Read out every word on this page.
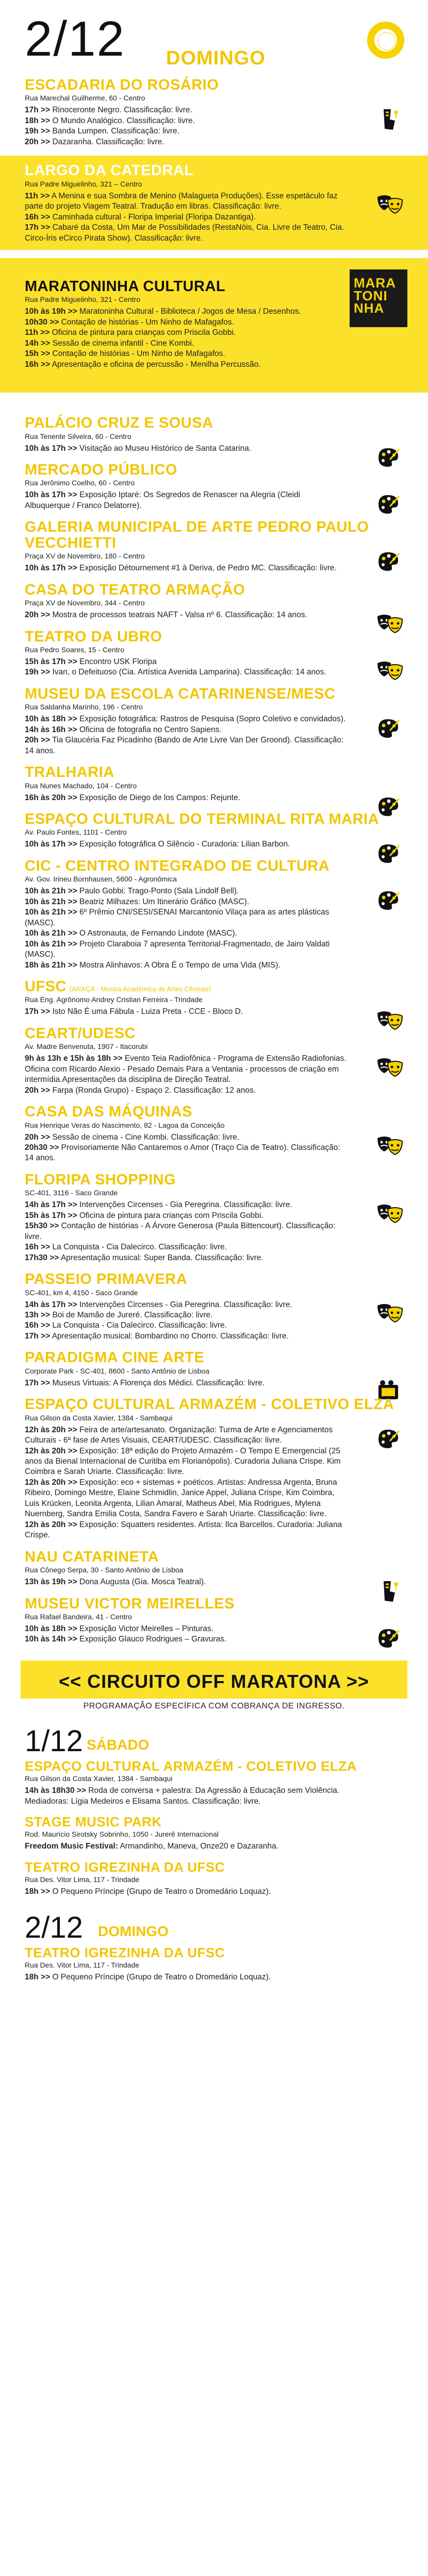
2/12 DOMINGO
ESCADARIA DO ROSÁRIO
Rua Marechal Guilherme, 60 - Centro
17h >> Rinoceronte Negro. Classificação: livre.
18h >> O Mundo Analógico. Classificação: livre.
19h >> Banda Lumpen. Classificação: livre.
20h >> Dazaranha. Classificação: livre.
LARGO DA CATEDRAL
Rua Padre Miguelinho, 321 – Centro
11h >> A Menina e sua Sombra de Menino (Malagueta Produções). Esse espetáculo faz parte do projeto Viagem Teatral. Tradução em libras. Classificação: livre.
16h >> Caminhada cultural - Floripa Imperial (Floripa Dazantiga).
17h >> Cabaré da Costa, Um Mar de Possibilidades (RestaNóis, Cia. Livre de Teatro, Cia. Circo-Íris eCirco Pirata Show). Classificação: livre.
MARATONINHA CULTURAL
Rua Padre Miguelinho, 321 - Centro
10h às 19h >> Maratoninha Cultural - Biblioteca / Jogos de Mesa / Desenhos.
10h30 >> Contação de histórias - Um Ninho de Mafagafos.
11h >> Oficina de pintura para crianças com Priscila Gobbi.
14h >> Sessão de cinema infantil - Cine Kombi.
15h >> Contação de histórias - Um Ninho de Mafagafos.
16h >> Apresentação e oficina de percussão - Menilha Percussão.
MARA
TONI
NHA
PALÁCIO CRUZ E SOUSA
Rua Tenente Silveira, 60 - Centro
10h às 17h >> Visitação ao Museu Histórico de Santa Catarina.
MERCADO PÚBLICO
Rua Jerônimo Coelho, 60 - Centro
10h às 17h >> Exposição Iptaré: Os Segredos de Renascer na Alegria (Cleidi Albuquerque / Franco Delatorre).
GALERIA MUNICIPAL DE ARTE PEDRO PAULO VECCHIETTI
Praça XV de Novembro, 180 - Centro
10h às 17h >> Exposição Détournement #1 à Deriva, de Pedro MC. Classificação: livre.
CASA DO TEATRO ARMAÇÃO
Praça XV de Novembro, 344 - Centro
20h >> Mostra de processos teatrais NAFT - Valsa nº 6. Classificação: 14 anos.
TEATRO DA UBRO
Rua Pedro Soares, 15 - Centro
15h às 17h >> Encontro USK Floripa
19h >> Ivan, o Defeituoso (Cia. Artística Avenida Lamparina). Classificação: 14 anos.
MUSEU DA ESCOLA CATARINENSE/MESC
Rua Saldanha Marinho, 196 - Centro
10h às 18h >> Exposição fotográfica: Rastros de Pesquisa (Sopro Coletivo e convidados).
14h às 16h >> Oficina de fotografia no Centro Sapiens.
20h >> Tia Glaucéria Faz Picadinho (Bando de Arte Livre Van Der Groond). Classificação: 14 anos.
TRALHARIA
Rua Nunes Machado, 104 - Centro
16h às 20h >> Exposição de Diego de los Campos: Rejunte.
ESPAÇO CULTURAL DO TERMINAL RITA MARIA
Av. Paulo Fontes, 1101 - Centro
10h às 17h >> Exposição fotográfica O Silêncio - Curadoria: Lilian Barbon.
CIC - CENTRO INTEGRADO DE CULTURA
Av. Gov. Irineu Bornhausen, 5600 - Agronômica
10h às 21h >> Paulo Gobbi: Trago-Ponto (Sala Lindolf Bell).
10h às 21h >> Beatriz Milhazes: Um Itinerário Gráfico (MASC).
10h às 21h >> 6º Prêmio CNI/SESI/SENAI Marcantonio Vilaça para as artes plásticas (MASC).
10h às 21h >> O Astronauta, de Fernando Lindote (MASC).
10h às 21h >> Projeto Claraboia 7 apresenta Territorial-Fragmentado, de Jairo Valdati (MASC).
18h às 21h >> Mostra Alinhavos: A Obra É o Tempo de uma Vida (MIS).
UFSC (ARAÇÁ - Mostra Acadêmica de Artes Cênicas)
Rua Eng. Agrônomo Andrey Cristian Ferreira - Trindade
17h >> Isto Não É uma Fábula - Luiza Preta - CCE - Bloco D.
CEART/UDESC
Av. Madre Benvenuta, 1907 - Itacorubi
9h às 13h e 15h às 18h >> Evento Teia Radiofônica - Programa de Extensão Radiofonias. Oficina com Ricardo Alexio - Pesado Demais Para a Ventania - processos de criação em intermídia.Apresentações da disciplina de Direção Teatral.
20h >> Farpa (Ronda Grupo) - Espaço 2. Classificação: 12 anos.
CASA DAS MÁQUINAS
Rua Henrique Veras do Nascimento, 82 - Lagoa da Conceição
20h >> Sessão de cinema - Cine Kombi. Classificação: livre.
20h30 >> Provisoriamente Não Cantaremos o Amor (Traço Cia de Teatro). Classificação: 14 anos.
FLORIPA SHOPPING
SC-401, 3116 - Saco Grande
14h às 17h >> Intervenções Circenses - Gia Peregrina. Classificação: livre.
15h às 17h >> Oficina de pintura para crianças com Priscila Gobbi.
15h30 >> Contação de histórias - A Árvore Generosa (Paula Bittencourt). Classificação: livre.
16h >> La Conquista - Cia Dalecirco. Classificação: livre.
17h30 >> Apresentação musical: Super Banda. Classificação: livre.
PASSEIO PRIMAVERA
SC-401, km 4, 4150 - Saco Grande
14h às 17h >> Intervenções Circenses - Gia Peregrina. Classificação: livre.
13h >> Boi de Mamão de Jureré. Classificação: livre.
16h >> La Conquista - Cia Dalecirco. Classificação: livre.
17h >> Apresentação musical: Bombardino no Chorro. Classificação: livre.
PARADIGMA CINE ARTE
Corporate Park - SC-401, 8600 - Santo Antônio de Lisboa
17h >> Museus Virtuais: A Florença dos Médici. Classificação: livre.
ESPAÇO CULTURAL ARMAZÉM - COLETIVO ELZA
Rua Gilson da Costa Xavier, 1384 - Sambaqui
12h às 20h >> Feira de arte/artesanato. Organização: Turma de Arte e Agenciamentos Culturais - 6ª fase de Artes Visuais, CEART/UDESC. Classificação: livre.
12h às 20h >> Exposição: 18ª edição do Projeto Armazém - O Tempo E Emergencial (25 anos da Bienal Internacional de Curitiba em Florianópolis). Curadoria Juliana Crispe. Kim Coimbra e Sarah Uriarte. Classificação: livre.
12h às 20h >> Exposição: eco + sistemas + poéticos. Artistas: Andressa Argenta, Bruna Ribeiro, Domingo Mestre, Elaine Schmidlin, Janice Appel, Juliana Crispe, Kim Coimbra, Luis Krücken, Leonita Argenta, Lilian Amaral, Matheus Abel, Mia Rodrigues, Mylena Nuernberg, Sandra Emilia Costa, Sandra Favero e Sarah Uriarte. Classificação: livre.
12h às 20h >> Exposição: Squatters residentes. Artista: Ilca Barcellos. Curadoria: Juliana Crispe.
NAU CATARINETA
Rua Cônego Serpa, 30 - Santo Antônio de Lisboa
13h às 19h >> Dona Augusta (Gia. Mosca Teatral).
MUSEU VICTOR MEIRELLES
Rua Rafael Bandeira, 41 - Centro
10h às 18h >> Exposição Victor Meirelles – Pinturas.
10h às 14h >> Exposição Glauco Rodrigues – Gravuras.
<< CIRCUITO OFF MARATONA >>
PROGRAMAÇÃO ESPECÍFICA COM COBRANÇA DE INGRESSO.
1/12 SÁBADO
ESPAÇO CULTURAL ARMAZÉM - COLETIVO ELZA
Rua Gilson da Costa Xavier, 1384 - Sambaqui
14h às 18h30 >> Roda de conversa + palestra: Da Agressão à Educação sem Violência. Mediadoras: Lígia Medeiros e Elisama Santos. Classificação: livre.
STAGE MUSIC PARK
Rod. Maurício Sirotsky Sobrinho, 1050 - Jurerê Internacional
Freedom Music Festival: Armandinho, Maneva, Onze20 e Dazaranha.
TEATRO IGREZINHA DA UFSC
Rua Des. Vitor Lima, 117 - Trindade
18h >> O Pequeno Príncipe (Grupo de Teatro o Dromedário Loquaz).
2/12 DOMINGO
TEATRO IGREZINHA DA UFSC
Rua Des. Vitor Lima, 117 - Trindade
18h >> O Pequeno Príncipe (Grupo de Teatro o Dromedário Loquaz).
